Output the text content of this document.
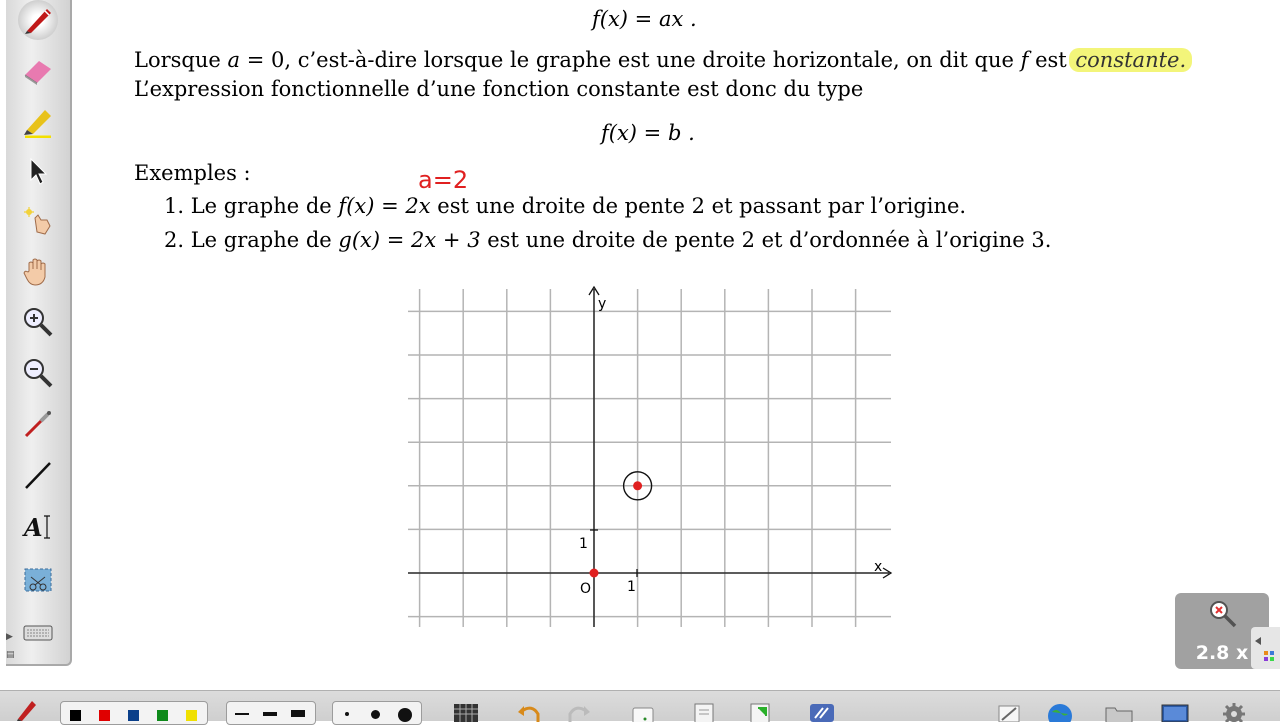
A
▶
▤
f(x) = ax .
Lorsque a = 0, c’est-à-dire lorsque le graphe est une droite horizontale, on dit que f est constante.
L’expression fonctionnelle d’une fonction constante est donc du type
f(x) = b .
Exemples :	a=2
1. Le graphe de f(x) = 2x est une droite de pente 2 et passant par l’origine.
2. Le graphe de g(x) = 2x + 3 est une droite de pente 2 et d’ordonnée à l’origine 3.
x
y
O	1
1
2.8 x
